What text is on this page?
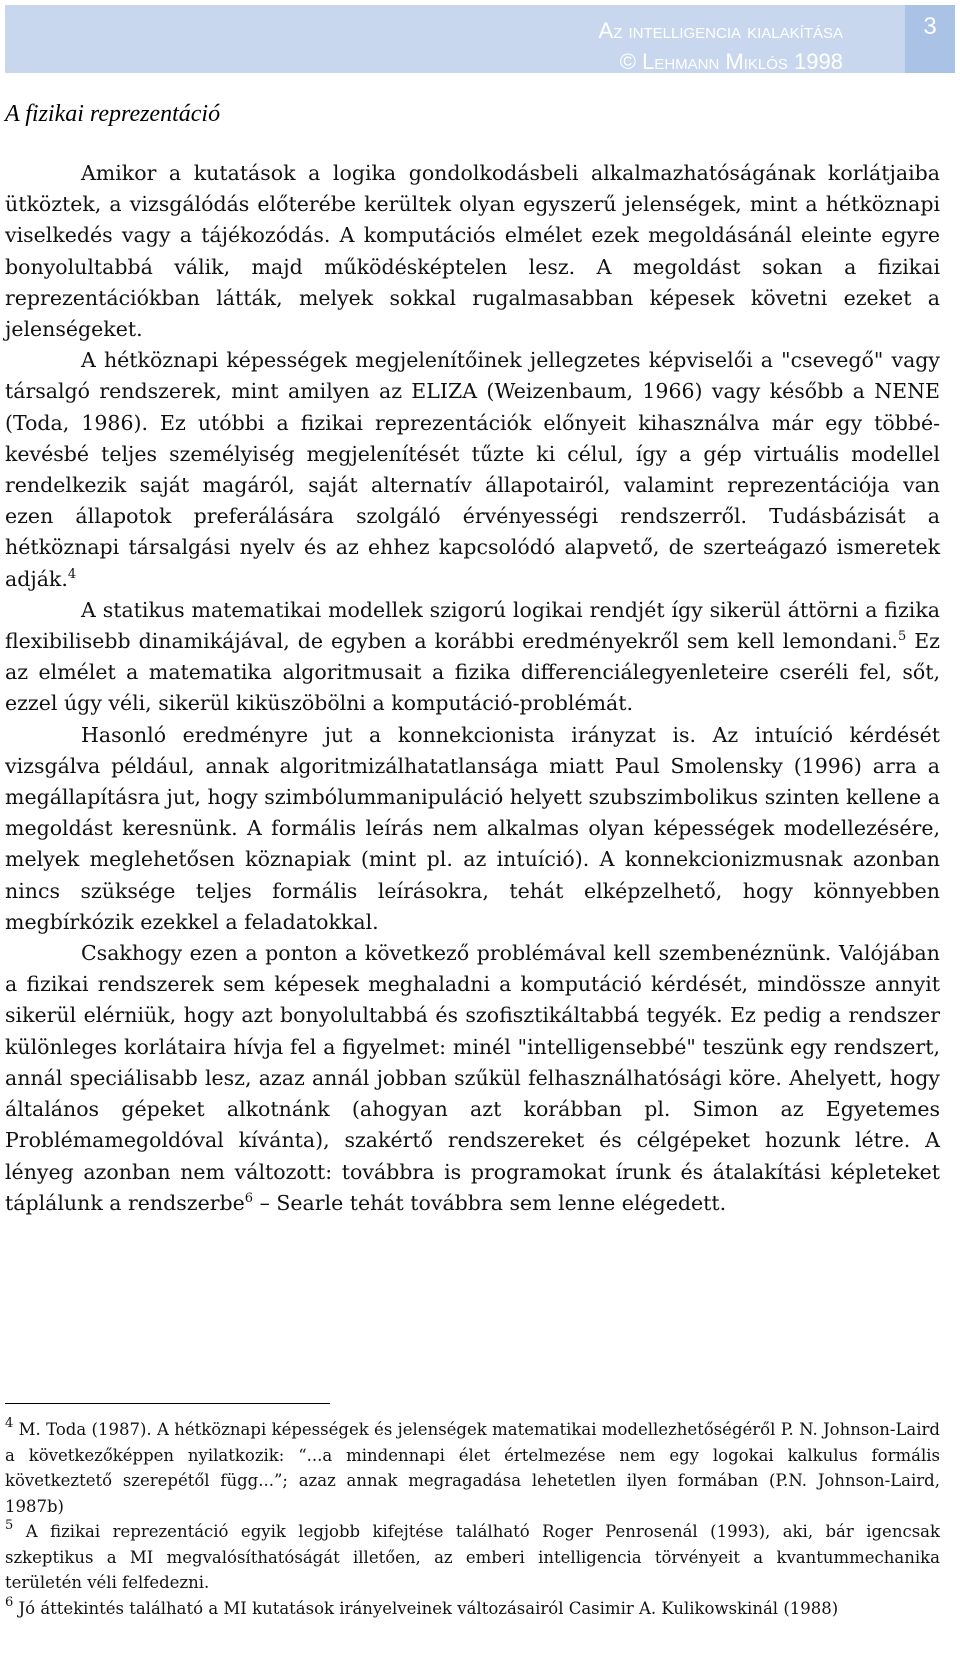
Az intelligencia kialakítása
© Lehmann Miklós 1998
3
A fizikai reprezentáció

Amikor a kutatások a logika gondolkodásbeli alkalmazhatóságának korlátjaiba ütköztek, a vizsgálódás előterébe kerültek olyan egyszerű jelenségek, mint a hétköznapi viselkedés vagy a tájékozódás. A komputációs elmélet ezek megoldásánál eleinte egyre bonyolultabbá válik, majd működésképtelen lesz. A megoldást sokan a fizikai reprezentációkban látták, melyek sokkal rugalmasabban képesek követni ezeket a jelenségeket.

A hétköznapi képességek megjelenítőinek jellegzetes képviselői a "csevegő" vagy társalgó rendszerek, mint amilyen az ELIZA (Weizenbaum, 1966) vagy később a NENE (Toda, 1986). Ez utóbbi a fizikai reprezentációk előnyeit kihasználva már egy többé-kevésbé teljes személyiség megjelenítését tűzte ki célul, így a gép virtuális modellel rendelkezik saját magáról, saját alternatív állapotairól, valamint reprezentációja van ezen állapotok preferálására szolgáló érvényességi rendszerről. Tudásbázisát a hétköznapi társalgási nyelv és az ehhez kapcsolódó alapvető, de szerteágazó ismeretek adják.$^4$

A statikus matematikai modellek szigorú logikai rendjét így sikerül áttörni a fizika flexibilisebb dinamikájával, de egyben a korábbi eredményekről sem kell lemondani.$^5$ Ez az elmélet a matematika algoritmusait a fizika differenciálegyenleteire cseréli fel, sőt, ezzel úgy véli, sikerül kiküszöbölni a komputáció-problémát.

Hasonló eredményre jut a konnekcionista irányzat is. Az intuíció kérdését vizsgálva például, annak algoritmizálhatatlansága miatt Paul Smolensky (1996) arra a megállapításra jut, hogy szimbólummanipuláció helyett szubszimbolikus szinten kellene a megoldást keresnünk. A formális leírás nem alkalmas olyan képességek modellezésére, melyek meglehetősen köznapiak (mint pl. az intuíció). A konnekcionizmusnak azonban nincs szüksége teljes formális leírásokra, tehát elképzelhető, hogy könnyebben megbírkózik ezekkel a feladatokkal.

Csakhogy ezen a ponton a következő problémával kell szembenéznünk. Valójában a fizikai rendszerek sem képesek meghaladni a komputáció kérdését, mindössze annyit sikerül elérniük, hogy azt bonyolultabbá és szofisztikáltabbá tegyék. Ez pedig a rendszer különleges korlátaira hívja fel a figyelmet: minél "intelligensebbé" teszünk egy rendszert, annál speciálisabb lesz, azaz annál jobban szűkül felhasználhatósági köre. Ahelyett, hogy általános gépeket alkotnánk (ahogyan azt korábban pl. Simon az Egyetemes Problémamegoldóval kívánta), szakértő rendszereket és célgépeket hozunk létre. A lényeg azonban nem változott: továbbra is programokat írunk és átalakítási képleteket táplálunk a rendszerbe$^6$ – Searle tehát továbbra sem lenne elégedett.

$^4$ M. Toda (1987). A hétköznapi képességek és jelenségek matematikai modellezhetőségéről P. N. Johnson-Laird a következőképpen nyilatkozik: “...a mindennapi élet értelmezése nem egy logokai kalkulus formális következtető szerepétől függ...”; azaz annak megragadása lehetetlen ilyen formában (P.N. Johnson-Laird, 1987b)

$^5$ A fizikai reprezentáció egyik legjobb kifejtése található Roger Penrosenál (1993), aki, bár igencsak szkeptikus a MI megvalósíthatóságát illetően, az emberi intelligencia törvényeit a kvantummechanika területén véli felfedezni.

$^6$ Jó áttekintés található a MI kutatások irányelveinek változásairól Casimir A. Kulikowskinál (1988)
